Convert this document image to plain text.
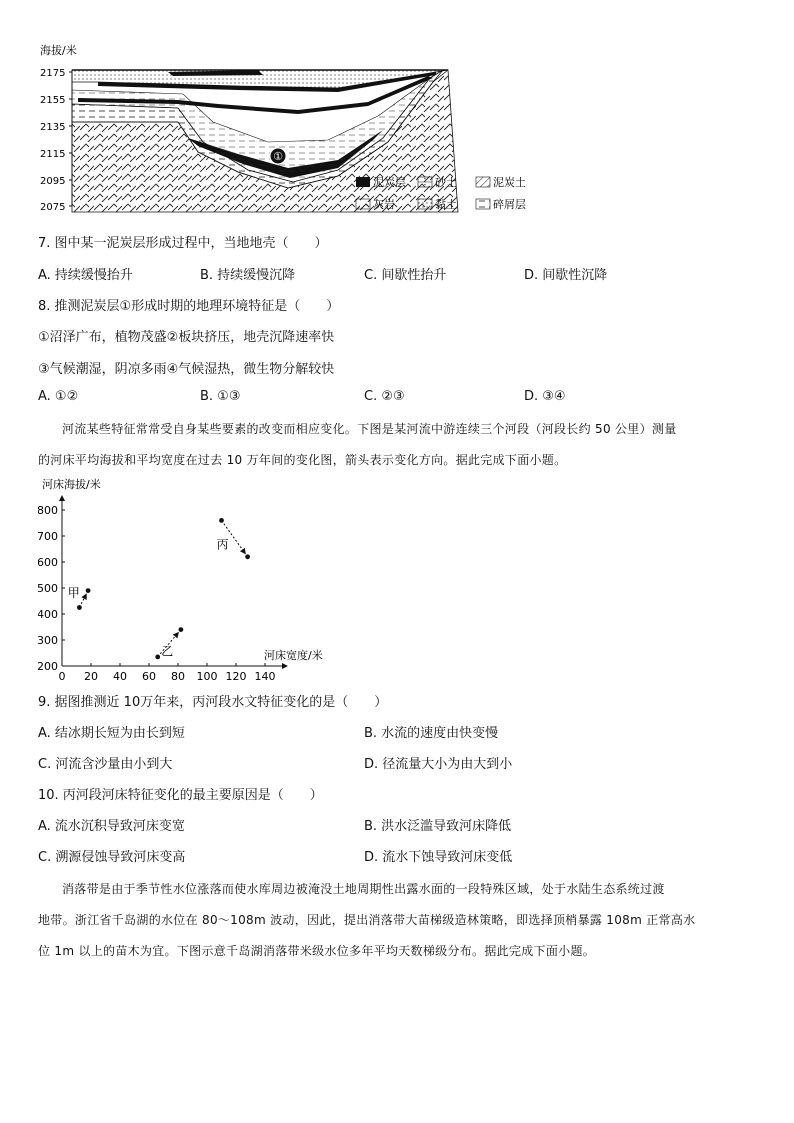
海拔/米
2175
2155
2135
2115
2095
2075
①
泥炭层	砂土	泥炭土
灰岩	黏土	碎屑层
7. 图中某一泥炭层形成过程中，当地地壳（　　）
A. 持续缓慢抬升	B. 持续缓慢沉降	C. 间歇性抬升	D. 间歇性沉降
8. 推测泥炭层①形成时期的地理环境特征是（　　）
①沼泽广布，植物茂盛②板块挤压，地壳沉降速率快
③气候潮湿，阴凉多雨④气候湿热，微生物分解较快
A. ①②	B. ①③	C. ②③	D. ③④
河流某些特征常常受自身某些要素的改变而相应变化。下图是某河流中游连续三个河段（河段长约 50 公里）测量
的河床平均海拔和平均宽度在过去 10 万年间的变化图，箭头表示变化方向。据此完成下面小题。
河床海拔/米
河床宽度/米
0 20 40 60 80 100 120 140
200
300
400
500
600
700
800
甲
乙
丙
9. 据图推测近 10万年来，丙河段水文特征变化的是（　　）
A. 结冰期长短为由长到短	B. 水流的速度由快变慢
C. 河流含沙量由小到大	D. 径流量大小为由大到小
10. 丙河段河床特征变化的最主要原因是（　　）
A. 流水沉积导致河床变宽	B. 洪水泛滥导致河床降低
C. 溯源侵蚀导致河床变高	D. 流水下蚀导致河床变低
消落带是由于季节性水位涨落而使水库周边被淹没土地周期性出露水面的一段特殊区域，处于水陆生态系统过渡
地带。浙江省千岛湖的水位在 80～108m 波动，因此，提出消落带大苗梯级造林策略，即选择顶梢暴露 108m 正常高水
位 1m 以上的苗木为宜。下图示意千岛湖消落带米级水位多年平均天数梯级分布。据此完成下面小题。
